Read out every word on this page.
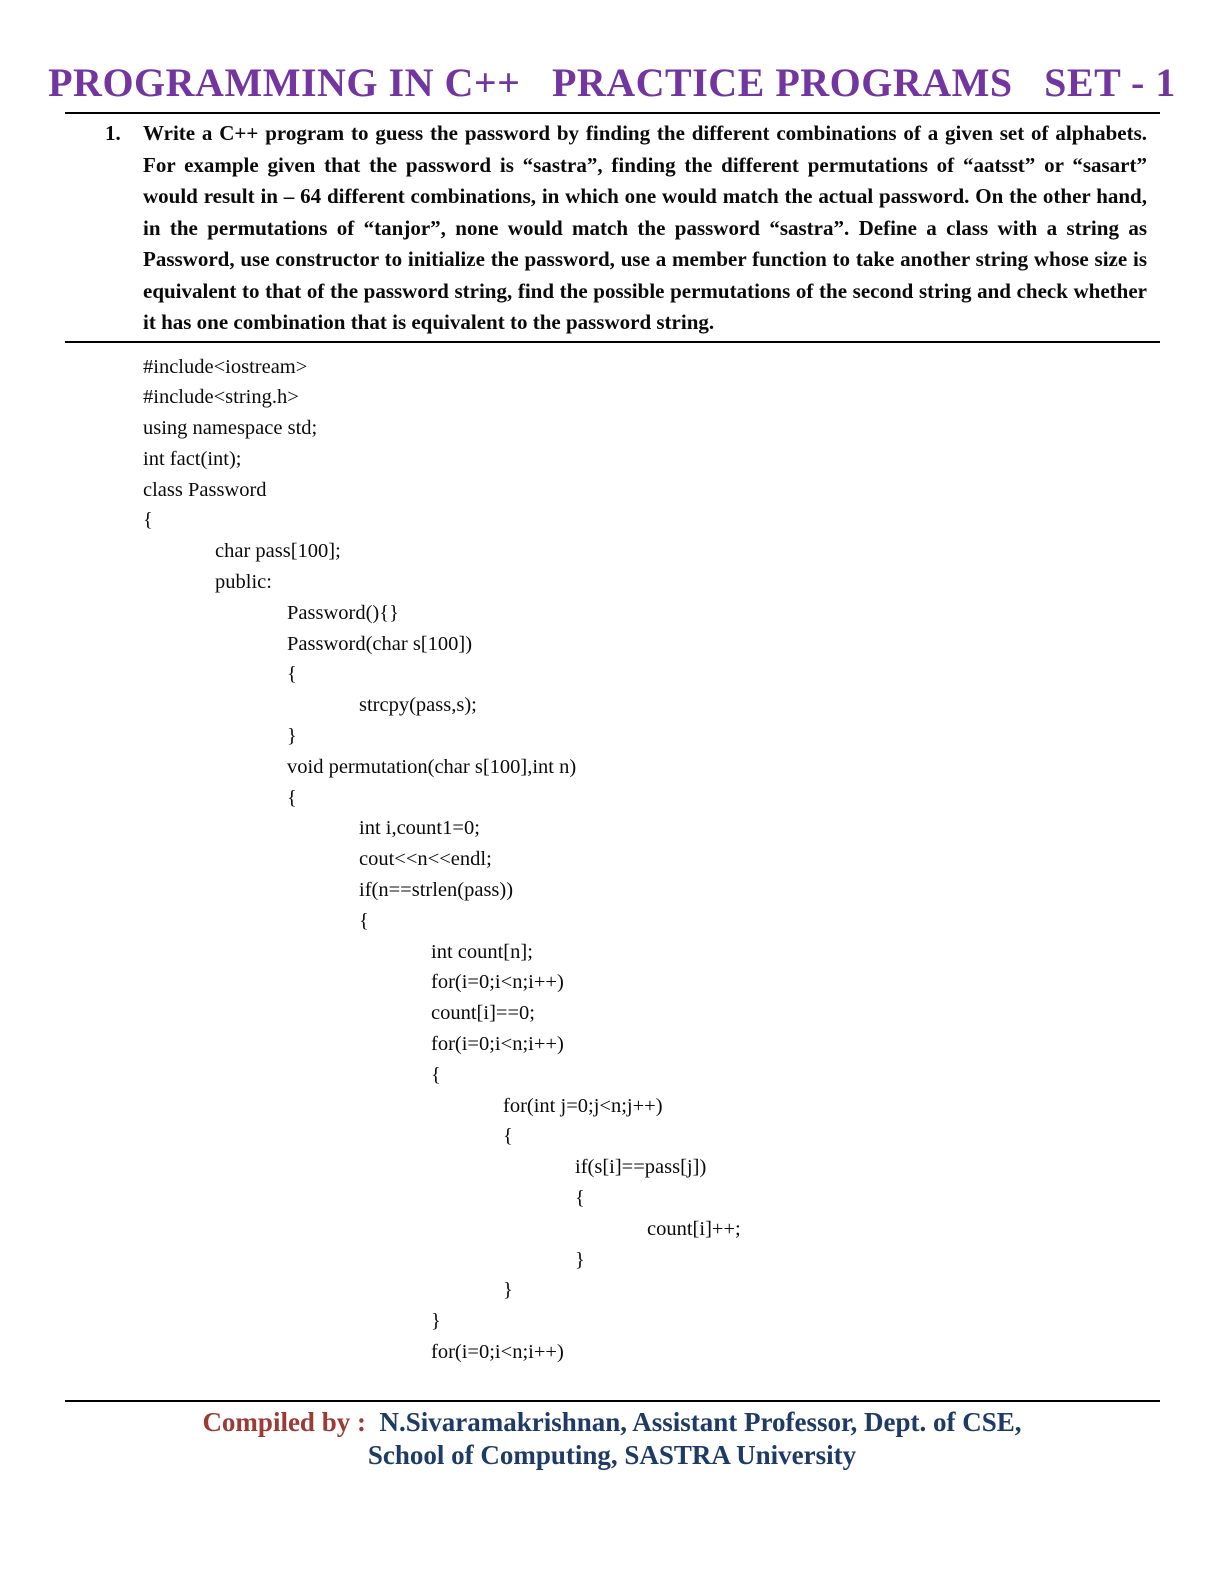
PROGRAMMING IN C++   PRACTICE PROGRAMS   SET - 1
1.	Write a C++ program to guess the password by finding the different combinations of a given set of alphabets. For example given that the password is “sastra”, finding the different permutations of “aatsst” or “sasart” would result in – 64 different combinations, in which one would match the actual password. On the other hand, in the permutations of “tanjor”, none would match the password “sastra”. Define a class with a string as Password, use constructor to initialize the password, use a member function to take another string whose size is equivalent to that of the password string, find the possible permutations of the second string and check whether it has one combination that is equivalent to the password string.
#include<iostream>
#include<string.h>
using namespace std;
int fact(int);
class Password
{
char pass[100];
public:
Password(){}
Password(char s[100])
{
strcpy(pass,s);
}
void permutation(char s[100],int n)
{
int i,count1=0;
cout<<n<<endl;
if(n==strlen(pass))
{
int count[n];
for(i=0;i<n;i++)
count[i]==0;
for(i=0;i<n;i++)
{
for(int j=0;j<n;j++)
{
if(s[i]==pass[j])
{
count[i]++;
}
}
}
for(i=0;i<n;i++)
Compiled by : N.Sivaramakrishnan, Assistant Professor, Dept. of CSE,
School of Computing, SASTRA University
